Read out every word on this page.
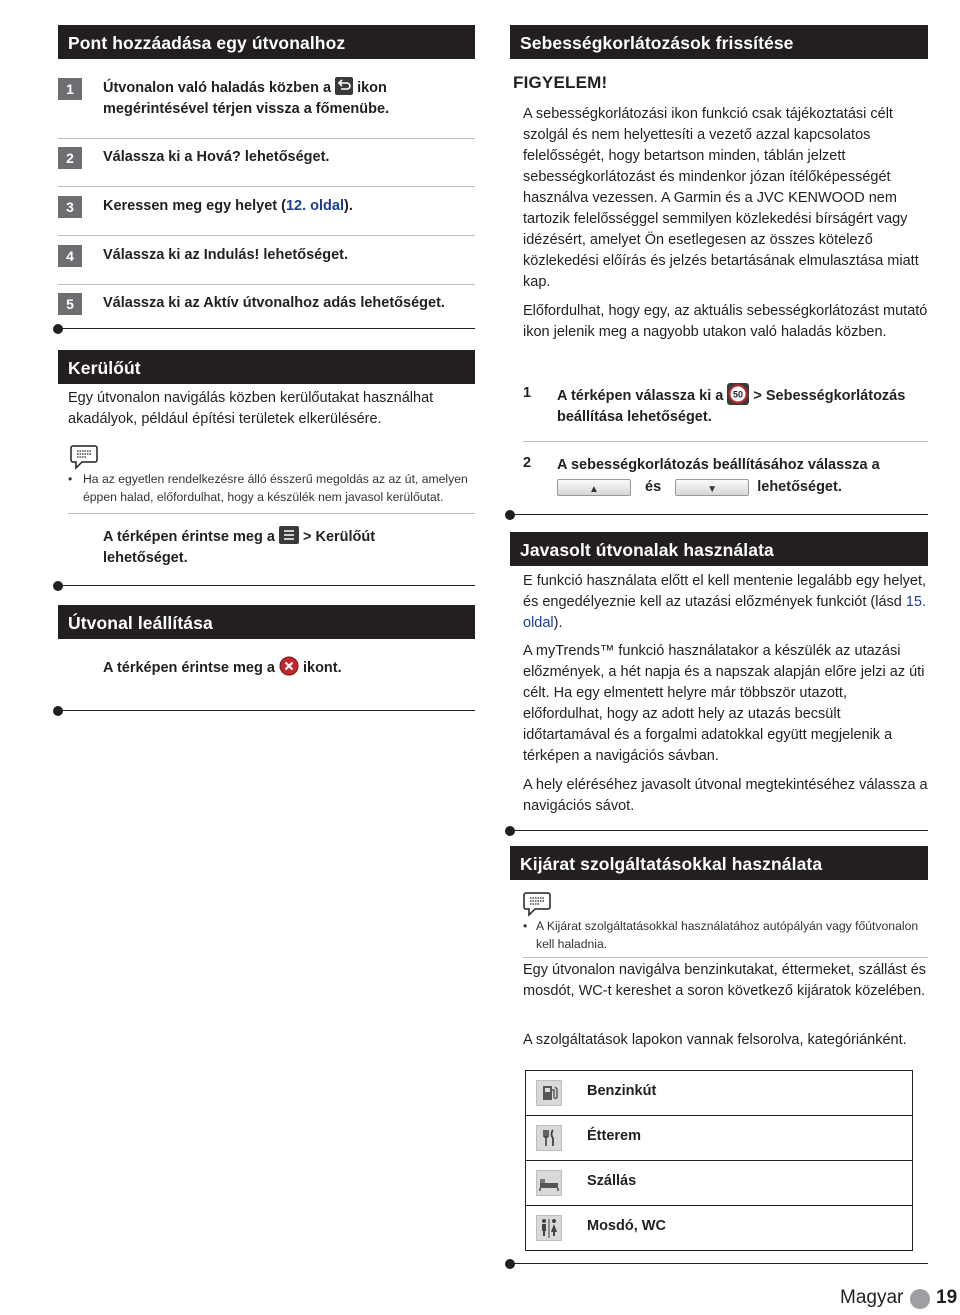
Pont hozzáadása egy útvonalhoz
1	Útvonalon való haladás közben a ikon megérintésével térjen vissza a főmenübe.
2	Válassza ki a Hová? lehetőséget.
3	Keressen meg egy helyet (12. oldal).
4	Válassza ki az Indulás! lehetőséget.
5	Válassza ki az Aktív útvonalhoz adás lehetőséget.
Kerülőút
Egy útvonalon navigálás közben kerülőutakat használhat akadályok, például építési területek elkerülésére.
• Ha az egyetlen rendelkezésre álló ésszerű megoldás az az út, amelyen éppen halad, előfordulhat, hogy a készülék nem javasol kerülőutat.
A térképen érintse meg a > Kerülőút lehetőséget.
Útvonal leállítása
A térképen érintse meg a ikont.
Sebességkorlátozások frissítése
FIGYELEM!
A sebességkorlátozási ikon funkció csak tájékoztatási célt szolgál és nem helyettesíti a vezető azzal kapcsolatos felelősségét, hogy betartson minden, táblán jelzett sebességkorlátozást és mindenkor józan ítélőképességét használva vezessen. A Garmin és a JVC KENWOOD nem tartozik felelősséggel semmilyen közlekedési bírságért vagy idézésért, amelyet Ön esetlegesen az összes kötelező közlekedési előírás és jelzés betartásának elmulasztása miatt kap.
Előfordulhat, hogy egy, az aktuális sebességkorlátozást mutató ikon jelenik meg a nagyobb utakon való haladás közben.
1 A térképen válassza ki a 50 > Sebességkorlátozás beállítása lehetőséget.
2 A sebességkorlátozás beállításához válassza a
▲	és	▼	lehetőséget.
Javasolt útvonalak használata
E funkció használata előtt el kell mentenie legalább egy helyet, és engedélyeznie kell az utazási előzmények funkciót (lásd 15. oldal).
A myTrends™ funkció használatakor a készülék az utazási előzmények, a hét napja és a napszak alapján előre jelzi az úti célt. Ha egy elmentett helyre már többször utazott, előfordulhat, hogy az adott hely az utazás becsült időtartamával és a forgalmi adatokkal együtt megjelenik a térképen a navigációs sávban.
A hely eléréséhez javasolt útvonal megtekintéséhez válassza a navigációs sávot.
Kijárat szolgáltatásokkal használata
• A Kijárat szolgáltatásokkal használatához autópályán vagy főútvonalon kell haladnia.
Egy útvonalon navigálva benzinkutakat, éttermeket, szállást és mosdót, WC-t kereshet a soron következő kijáratok közelében.
A szolgáltatások lapokon vannak felsorolva, kategóriánként.
Benzinkút
Étterem
Szállás
Mosdó, WC
Magyar 19
